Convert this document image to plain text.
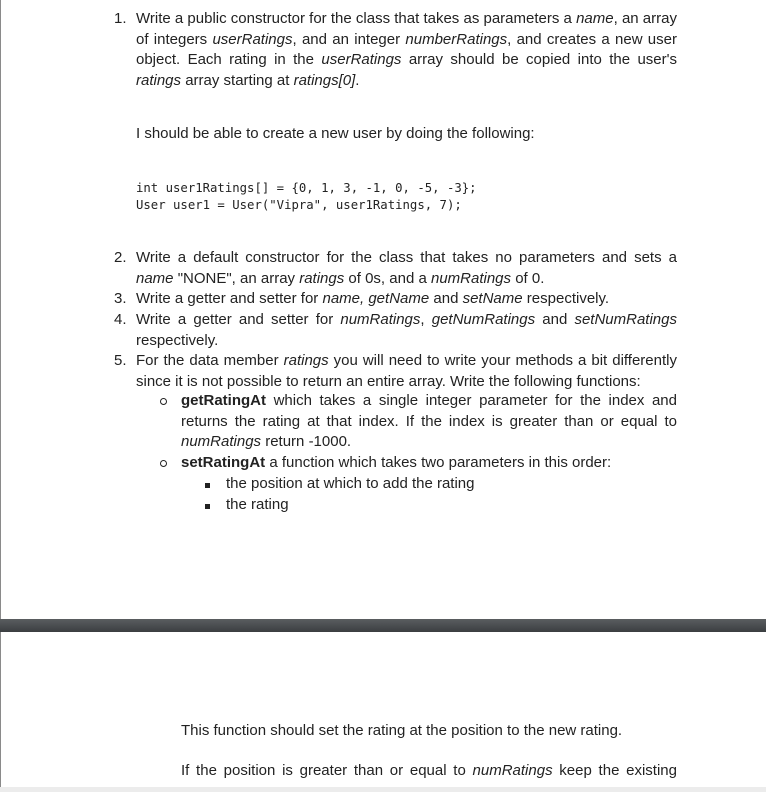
1. Write a public constructor for the class that takes as parameters a name, an array of integers userRatings, and an integer numberRatings, and creates a new user object. Each rating in the userRatings array should be copied into the user's ratings array starting at ratings[0].
I should be able to create a new user by doing the following:
int user1Ratings[] = {0, 1, 3, -1, 0, -5, -3};
User user1 = User("Vipra", user1Ratings, 7);
2. Write a default constructor for the class that takes no parameters and sets a name "NONE", an array ratings of 0s, and a numRatings of 0.
3. Write a getter and setter for name, getName and setName respectively.
4. Write a getter and setter for numRatings, getNumRatings and setNumRatings respectively.
5. For the data member ratings you will need to write your methods a bit differently since it is not possible to return an entire array. Write the following functions:
getRatingAt which takes a single integer parameter for the index and returns the rating at that index. If the index is greater than or equal to numRatings return -1000.
setRatingAt a function which takes two parameters in this order:
the position at which to add the rating
the rating
This function should set the rating at the position to the new rating.
If the position is greater than or equal to numRatings keep the existing
